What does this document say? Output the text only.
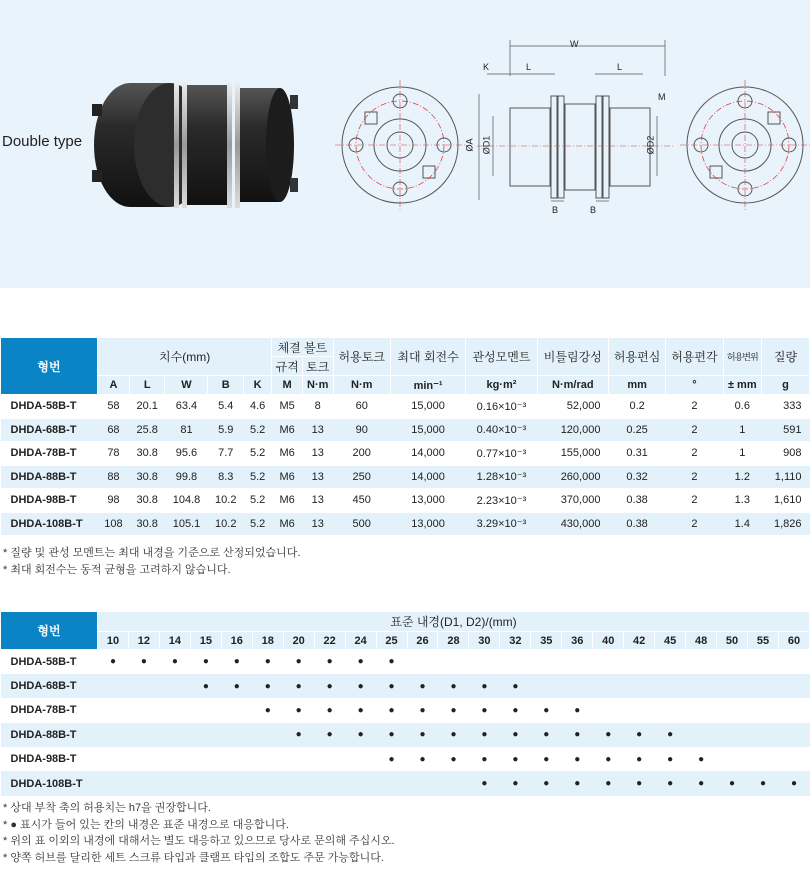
Double type
W
K	L	L
M
ØA ØD1	ØD2
B	B
형번	치수(mm)					체결 볼트		허용토크	최대 회전수	관성모멘트	비틀림강성	허용편심	허용편각	허용변위	질량
						규격	토크								
	A	L	W	B	K	M	N·m	N·m	min⁻¹	kg·m²	N·m/rad	mm	°	± mm	g
DHDA-58B-T	58	20.1	63.4	5.4	4.6	M5	8	60	15,000	0.16×10⁻³	52,000	0.2	2	0.6	333
DHDA-68B-T	68	25.8	81	5.9	5.2	M6	13	90	15,000	0.40×10⁻³	120,000	0.25	2	1	591
DHDA-78B-T	78	30.8	95.6	7.7	5.2	M6	13	200	14,000	0.77×10⁻³	155,000	0.31	2	1	908
DHDA-88B-T	88	30.8	99.8	8.3	5.2	M6	13	250	14,000	1.28×10⁻³	260,000	0.32	2	1.2	1,110
DHDA-98B-T	98	30.8	104.8	10.2	5.2	M6	13	450	13,000	2.23×10⁻³	370,000	0.38	2	1.3	1,610
DHDA-108B-T	108	30.8	105.1	10.2	5.2	M6	13	500	13,000	3.29×10⁻³	430,000	0.38	2	1.4	1,826
* 질량 및 관성 모멘트는 최대 내경을 기준으로 산정되었습니다.
* 최대 회전수는 동적 균형을 고려하지 않습니다.
형번	표준 내경(D1, D2)/(mm)																						
	10	12	14	15	16	18	20	22	24	25	26	28	30	32	35	36	40	42	45	48	50	55	60
DHDA-58B-T	●	●	●	●	●	●	●	●	●	●													
DHDA-68B-T				●	●	●	●	●	●	●	●	●	●	●									
DHDA-78B-T						●	●	●	●	●	●	●	●	●	●	●							
DHDA-88B-T							●	●	●	●	●	●	●	●	●	●	●	●	●				
DHDA-98B-T										●	●	●	●	●	●	●	●	●	●	●			
DHDA-108B-T													●	●	●	●	●	●	●	●	●	●	●
* 상대 부착 축의 허용치는 h7을 권장합니다.
* ● 표시가 들어 있는 칸의 내경은 표준 내경으로 대응합니다.
* 위의 표 이외의 내경에 대해서는 별도 대응하고 있으므로 당사로 문의해 주십시오.
* 양쪽 허브를 달리한 세트 스크류 타입과 클램프 타입의 조합도 주문 가능합니다.
